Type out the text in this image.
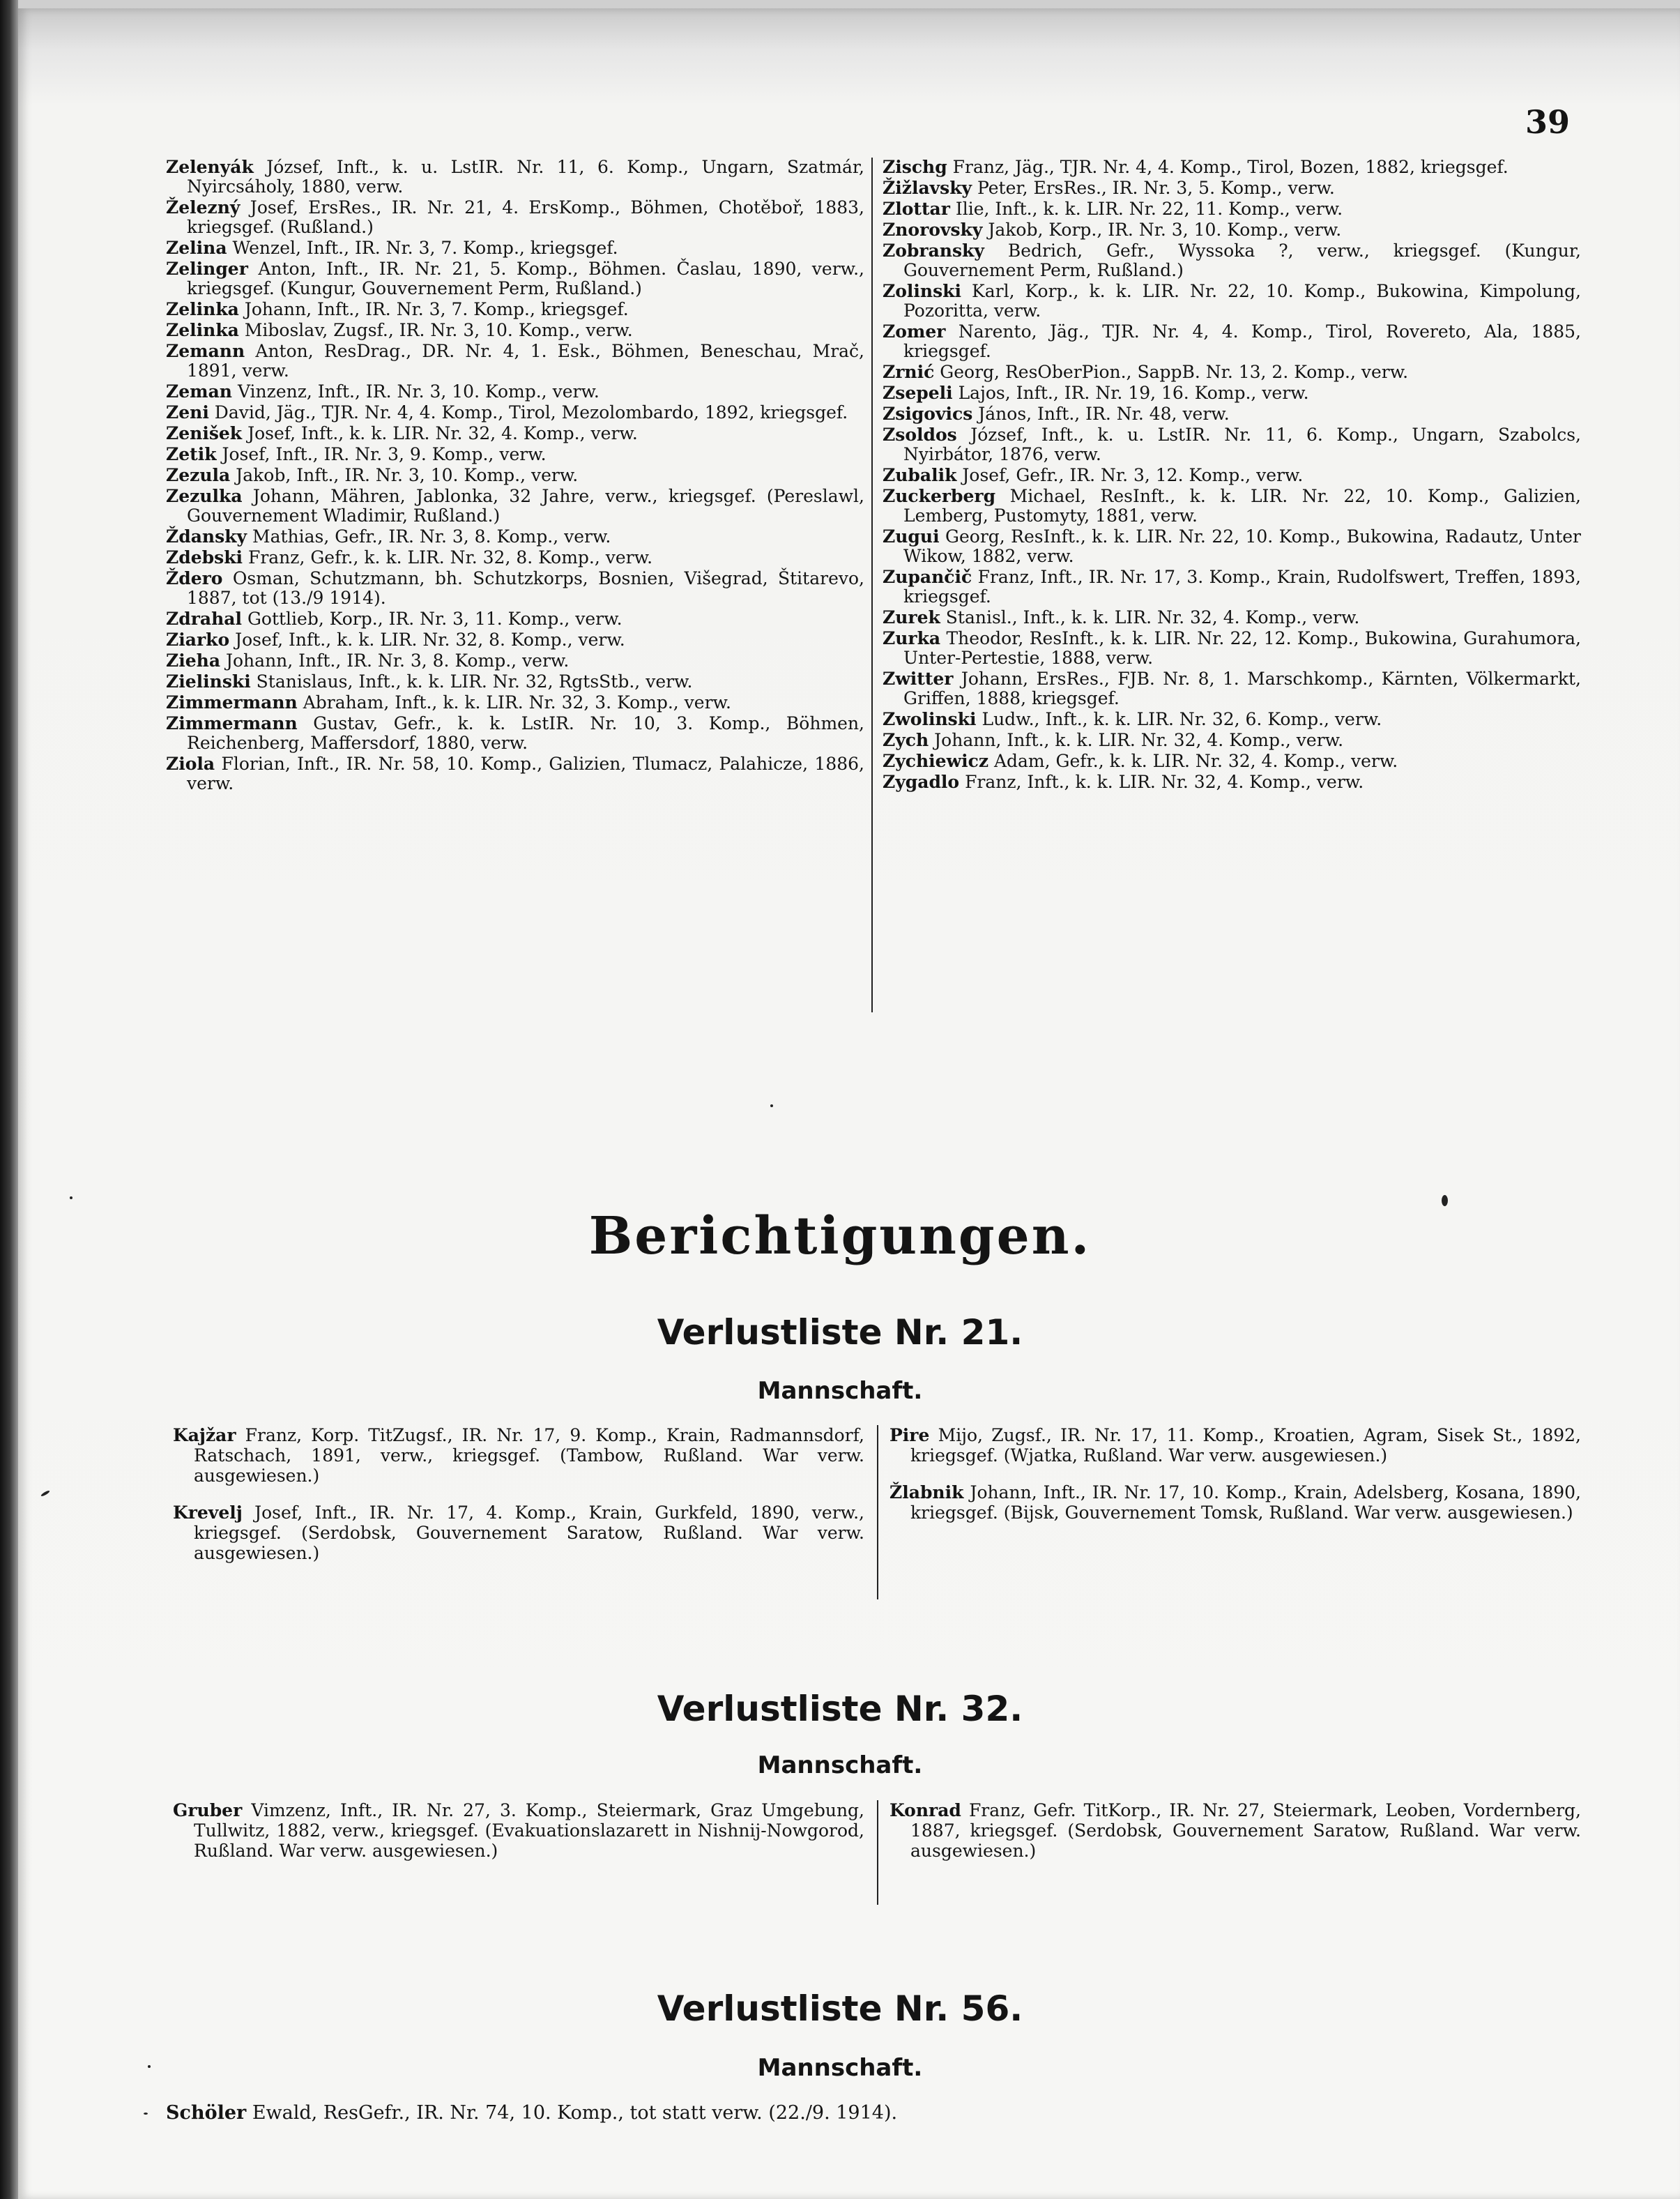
39
Zelenyák József, Inft., k. u. LstIR. Nr. 11, 6. Komp., Ungarn, Szatmár, Nyircsáholy, 1880, verw.
Železný Josef, ErsRes., IR. Nr. 21, 4. ErsKomp., Böhmen, Chotěboř, 1883, kriegsgef. (Rußland.)
Zelina Wenzel, Inft., IR. Nr. 3, 7. Komp., kriegsgef.
Zelinger Anton, Inft., IR. Nr. 21, 5. Komp., Böhmen. Časlau, 1890, verw., kriegsgef. (Kungur, Gouvernement Perm, Rußland.)
Zelinka Johann, Inft., IR. Nr. 3, 7. Komp., kriegsgef.
Zelinka Miboslav, Zugsf., IR. Nr. 3, 10. Komp., verw.
Zemann Anton, ResDrag., DR. Nr. 4, 1. Esk., Böhmen, Beneschau, Mrač, 1891, verw.
Zeman Vinzenz, Inft., IR. Nr. 3, 10. Komp., verw.
Zeni David, Jäg., TJR. Nr. 4, 4. Komp., Tirol, Mezolombardo, 1892, kriegsgef.
Zenišek Josef, Inft., k. k. LIR. Nr. 32, 4. Komp., verw.
Zetik Josef, Inft., IR. Nr. 3, 9. Komp., verw.
Zezula Jakob, Inft., IR. Nr. 3, 10. Komp., verw.
Zezulka Johann, Mähren, Jablonka, 32 Jahre, verw., kriegsgef. (Pereslawl, Gouvernement Wladimir, Rußland.)
Ždansky Mathias, Gefr., IR. Nr. 3, 8. Komp., verw.
Zdebski Franz, Gefr., k. k. LIR. Nr. 32, 8. Komp., verw.
Ždero Osman, Schutzmann, bh. Schutzkorps, Bosnien, Višegrad, Štitarevo, 1887, tot (13./9 1914).
Zdrahal Gottlieb, Korp., IR. Nr. 3, 11. Komp., verw.
Ziarko Josef, Inft., k. k. LIR. Nr. 32, 8. Komp., verw.
Zieha Johann, Inft., IR. Nr. 3, 8. Komp., verw.
Zielinski Stanislaus, Inft., k. k. LIR. Nr. 32, RgtsStb., verw.
Zimmermann Abraham, Inft., k. k. LIR. Nr. 32, 3. Komp., verw.
Zimmermann Gustav, Gefr., k. k. LstIR. Nr. 10, 3. Komp., Böhmen, Reichenberg, Maffersdorf, 1880, verw.
Ziola Florian, Inft., IR. Nr. 58, 10. Komp., Galizien, Tlumacz, Palahicze, 1886, verw.
Zischg Franz, Jäg., TJR. Nr. 4, 4. Komp., Tirol, Bozen, 1882, kriegsgef.
Žižlavsky Peter, ErsRes., IR. Nr. 3, 5. Komp., verw.
Zlottar Ilie, Inft., k. k. LIR. Nr. 22, 11. Komp., verw.
Znorovsky Jakob, Korp., IR. Nr. 3, 10. Komp., verw.
Zobransky Bedrich, Gefr., Wyssoka ?, verw., kriegsgef. (Kungur, Gouvernement Perm, Rußland.)
Zolinski Karl, Korp., k. k. LIR. Nr. 22, 10. Komp., Bukowina, Kimpolung, Pozoritta, verw.
Zomer Narento, Jäg., TJR. Nr. 4, 4. Komp., Tirol, Rovereto, Ala, 1885, kriegsgef.
Zrnić Georg, ResOberPion., SappB. Nr. 13, 2. Komp., verw.
Zsepeli Lajos, Inft., IR. Nr. 19, 16. Komp., verw.
Zsigovics János, Inft., IR. Nr. 48, verw.
Zsoldos József, Inft., k. u. LstIR. Nr. 11, 6. Komp., Ungarn, Szabolcs, Nyirbátor, 1876, verw.
Zubalik Josef, Gefr., IR. Nr. 3, 12. Komp., verw.
Zuckerberg Michael, ResInft., k. k. LIR. Nr. 22, 10. Komp., Galizien, Lemberg, Pustomyty, 1881, verw.
Zugui Georg, ResInft., k. k. LIR. Nr. 22, 10. Komp., Bukowina, Radautz, Unter Wikow, 1882, verw.
Zupančič Franz, Inft., IR. Nr. 17, 3. Komp., Krain, Rudolfswert, Treffen, 1893, kriegsgef.
Zurek Stanisl., Inft., k. k. LIR. Nr. 32, 4. Komp., verw.
Zurka Theodor, ResInft., k. k. LIR. Nr. 22, 12. Komp., Bukowina, Gurahumora, Unter-Pertestie, 1888, verw.
Zwitter Johann, ErsRes., FJB. Nr. 8, 1. Marschkomp., Kärnten, Völkermarkt, Griffen, 1888, kriegsgef.
Zwolinski Ludw., Inft., k. k. LIR. Nr. 32, 6. Komp., verw.
Zych Johann, Inft., k. k. LIR. Nr. 32, 4. Komp., verw.
Zychiewicz Adam, Gefr., k. k. LIR. Nr. 32, 4. Komp., verw.
Zygadlo Franz, Inft., k. k. LIR. Nr. 32, 4. Komp., verw.
Berichtigungen.
Verlustliste Nr. 21.
Mannschaft.
Kajžar Franz, Korp. TitZugsf., IR. Nr. 17, 9. Komp., Krain, Radmannsdorf, Ratschach, 1891, verw., kriegsgef. (Tambow, Rußland. War verw. ausgewiesen.)
Krevelj Josef, Inft., IR. Nr. 17, 4. Komp., Krain, Gurkfeld, 1890, verw., kriegsgef. (Serdobsk, Gouvernement Saratow, Rußland. War verw. ausgewiesen.)
Pire Mijo, Zugsf., IR. Nr. 17, 11. Komp., Kroatien, Agram, Sisek St., 1892, kriegsgef. (Wjatka, Rußland. War verw. ausgewiesen.)
Žlabnik Johann, Inft., IR. Nr. 17, 10. Komp., Krain, Adelsberg, Kosana, 1890, kriegsgef. (Bijsk, Gouvernement Tomsk, Rußland. War verw. ausgewiesen.)
Verlustliste Nr. 32.
Mannschaft.
Gruber Vimzenz, Inft., IR. Nr. 27, 3. Komp., Steiermark, Graz Umgebung, Tullwitz, 1882, verw., kriegsgef. (Evakuationslazarett in Nishnij-Nowgorod, Rußland. War verw. ausgewiesen.)
Konrad Franz, Gefr. TitKorp., IR. Nr. 27, Steiermark, Leoben, Vordernberg, 1887, kriegsgef. (Serdobsk, Gouvernement Saratow, Rußland. War verw. ausgewiesen.)
Verlustliste Nr. 56.
Mannschaft.
Schöler Ewald, ResGefr., IR. Nr. 74, 10. Komp., tot statt verw. (22./9. 1914).
